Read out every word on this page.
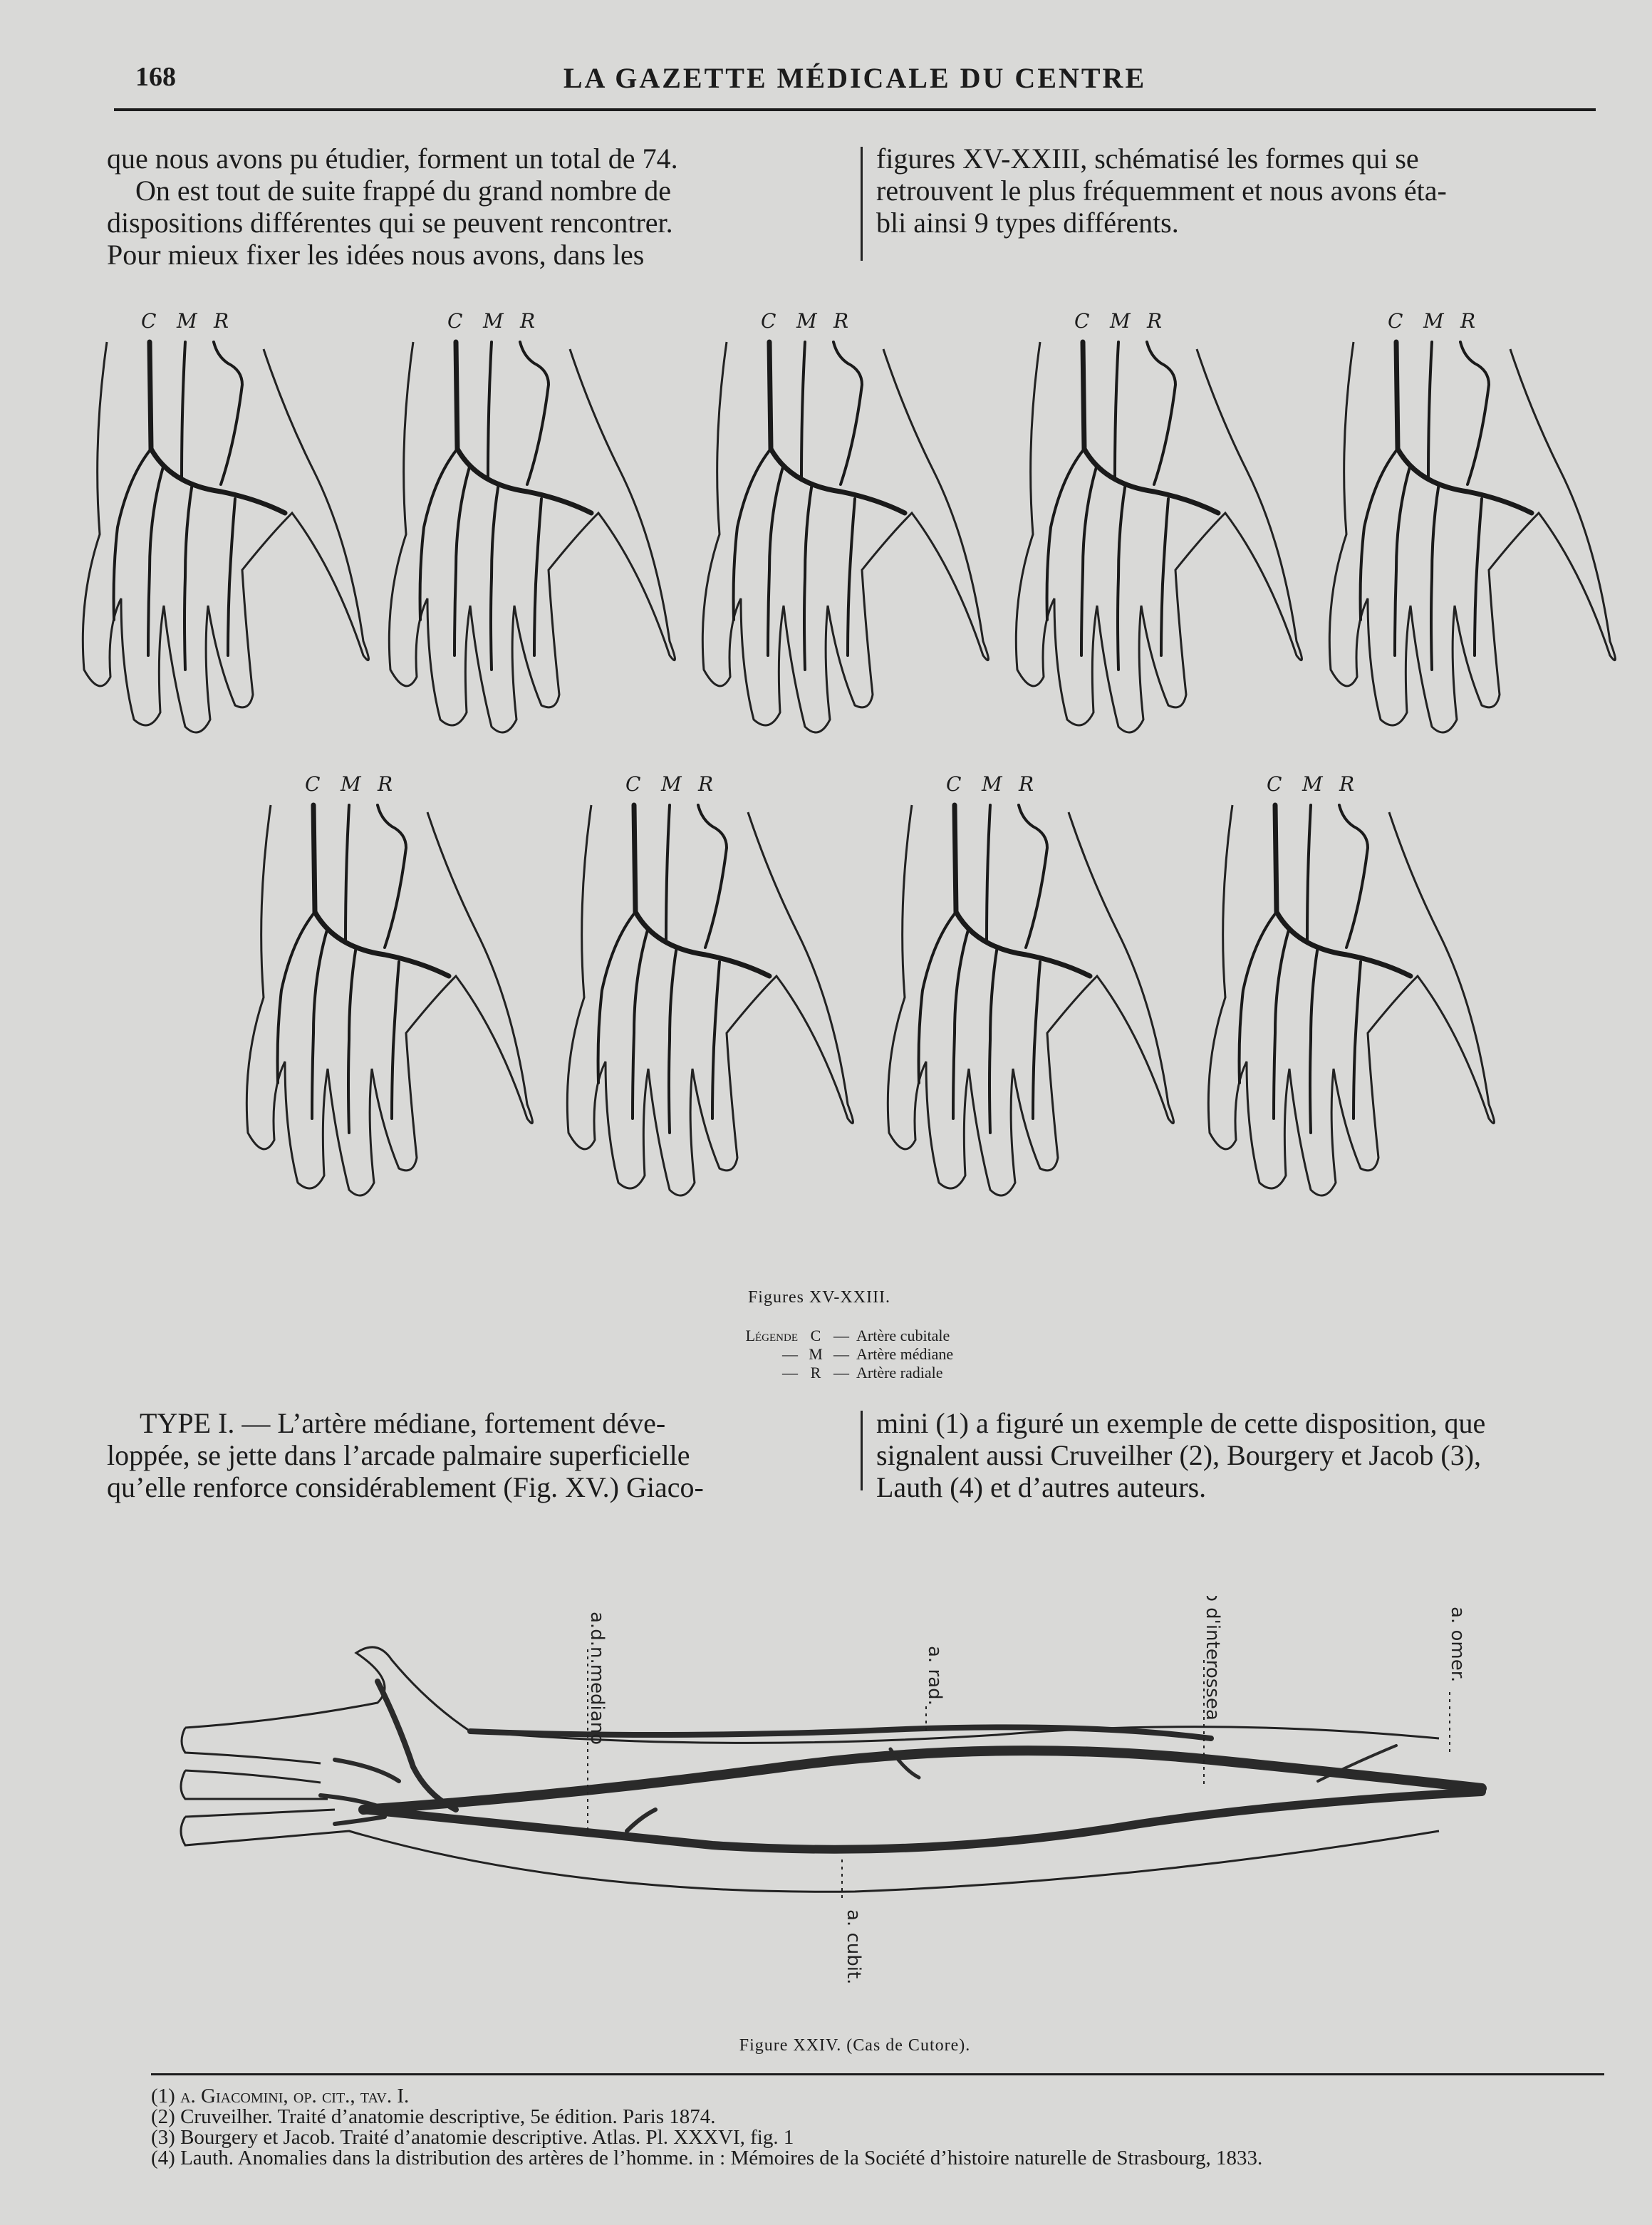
168	LA GAZETTE MÉDICALE DU CENTRE

que nous avons pu étudier, forment un total de 74.

On est tout de suite frappé du grand nombre de

dispositions différentes qui se peuvent rencontrer.

Pour mieux fixer les idées nous avons, dans les

figures XV-XXIII, schématisé les formes qui se

retrouvent le plus fréquemment et nous avons éta-

bli ainsi 9 types différents.

C M R	C M R	C M R	C M R	C M R
C M R	C M R	C M R	C M R
Figures XV-XXIII.
Légende C — Artère cubitale
— M — Artère médiane
— R — Artère radiale

TYPE I. — L’artère médiane, fortement déve-

loppée, se jette dans l’arcade palmaire superficielle

qu’elle renforce considérablement (Fig. XV.) Giaco-

mini (1) a figuré un exemple de cette disposition, que

signalent aussi Cruveilher (2), Bourgery et Jacob (3),

Lauth (4) et d’autres auteurs.

a.d.n.mediano	a. rad.	tronco d'interossea	a. omer.
a. cubit.
Figure XXIV. (Cas de Cutore).
(1) a. Giacomini, op. cit., tav. I.
(2) Cruveilher. Traité d’anatomie descriptive, 5e édition. Paris 1874.
(3) Bourgery et Jacob. Traité d’anatomie descriptive. Atlas. Pl. XXXVI, fig. 1
(4) Lauth. Anomalies dans la distribution des artères de l’homme. in : Mémoires de la Société d’histoire naturelle de Strasbourg, 1833.
